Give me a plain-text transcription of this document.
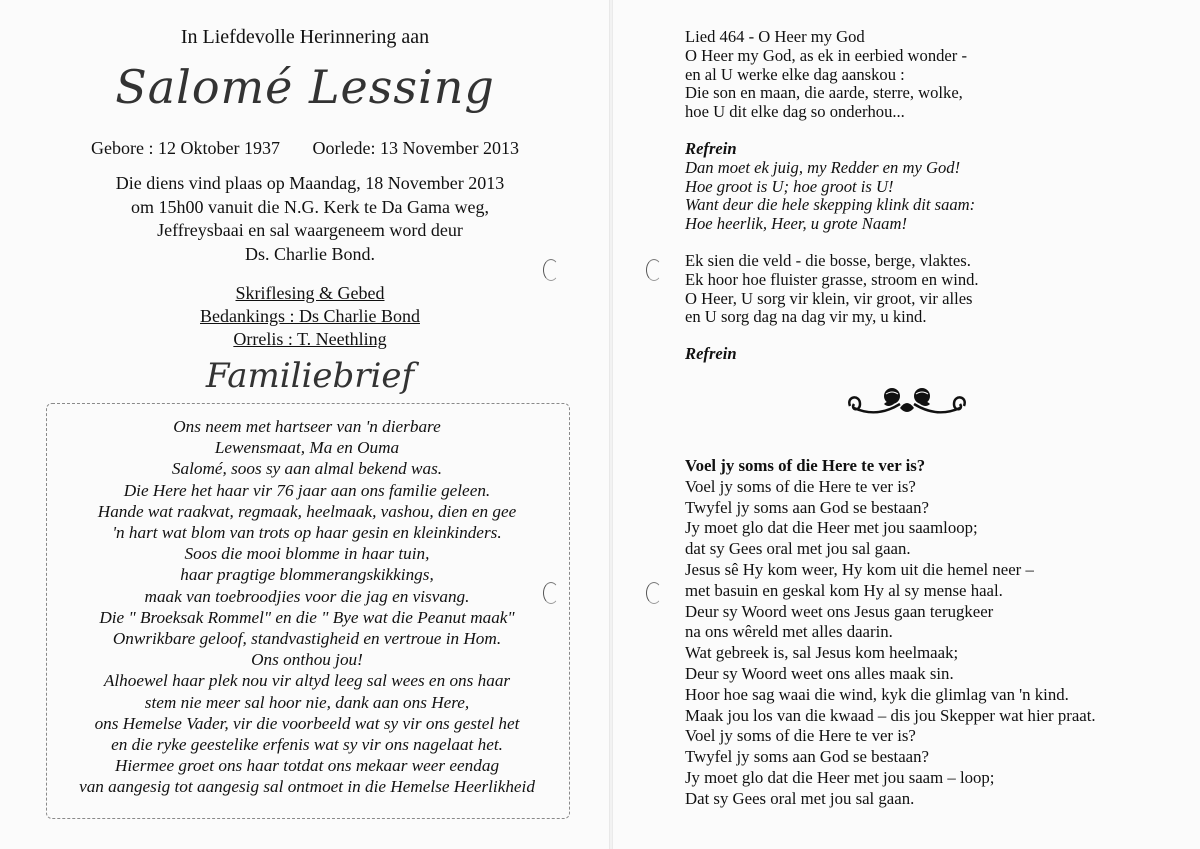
In Liefdevolle Herinnering aan
Salomé Lessing
Gebore : 12 Oktober 1937 Oorlede: 13 November 2013
Die diens vind plaas op Maandag, 18 November 2013
om 15h00 vanuit die N.G. Kerk te Da Gama weg,
Jeffreysbaai en sal waargeneem word deur
Ds. Charlie Bond.
Skriflesing & Gebed
Bedankings : Ds Charlie Bond
Orrelis : T. Neethling
Familiebrief
Ons neem met hartseer van 'n dierbare
Lewensmaat, Ma en Ouma
Salomé, soos sy aan almal bekend was.
Die Here het haar vir 76 jaar aan ons familie geleen.
Hande wat raakvat, regmaak, heelmaak, vashou, dien en gee
'n hart wat blom van trots op haar gesin en kleinkinders.
Soos die mooi blomme in haar tuin,
haar pragtige blommerangskikkings,
maak van toebroodjies voor die jag en visvang.
Die " Broeksak Rommel" en die " Bye wat die Peanut maak"
Onwrikbare geloof, standvastigheid en vertroue in Hom.
Ons onthou jou!
Alhoewel haar plek nou vir altyd leeg sal wees en ons haar
stem nie meer sal hoor nie, dank aan ons Here,
ons Hemelse Vader, vir die voorbeeld wat sy vir ons gestel het
en die ryke geestelike erfenis wat sy vir ons nagelaat het.
Hiermee groet ons haar totdat ons mekaar weer eendag
van aangesig tot aangesig sal ontmoet in die Hemelse Heerlikheid
Lied 464 - O Heer my God
O Heer my God, as ek in eerbied wonder -
en al U werke elke dag aanskou :
Die son en maan, die aarde, sterre, wolke,
hoe U dit elke dag so onderhou...
Refrein
Dan moet ek juig, my Redder en my God!
Hoe groot is U; hoe groot is U!
Want deur die hele skepping klink dit saam:
Hoe heerlik, Heer, u grote Naam!
Ek sien die veld - die bosse, berge, vlaktes.
Ek hoor hoe fluister grasse, stroom en wind.
O Heer, U sorg vir klein, vir groot, vir alles
en U sorg dag na dag vir my, u kind.
Refrein
Voel jy soms of die Here te ver is?
Voel jy soms of die Here te ver is?
Twyfel jy soms aan God se bestaan?
Jy moet glo dat die Heer met jou saamloop;
dat sy Gees oral met jou sal gaan.
Jesus sê Hy kom weer, Hy kom uit die hemel neer –
met basuin en geskal kom Hy al sy mense haal.
Deur sy Woord weet ons Jesus gaan terugkeer
na ons wêreld met alles daarin.
Wat gebreek is, sal Jesus kom heelmaak;
Deur sy Woord weet ons alles maak sin.
Hoor hoe sag waai die wind, kyk die glimlag van 'n kind.
Maak jou los van die kwaad – dis jou Skepper wat hier praat.
Voel jy soms of die Here te ver is?
Twyfel jy soms aan God se bestaan?
Jy moet glo dat die Heer met jou saam – loop;
Dat sy Gees oral met jou sal gaan.
